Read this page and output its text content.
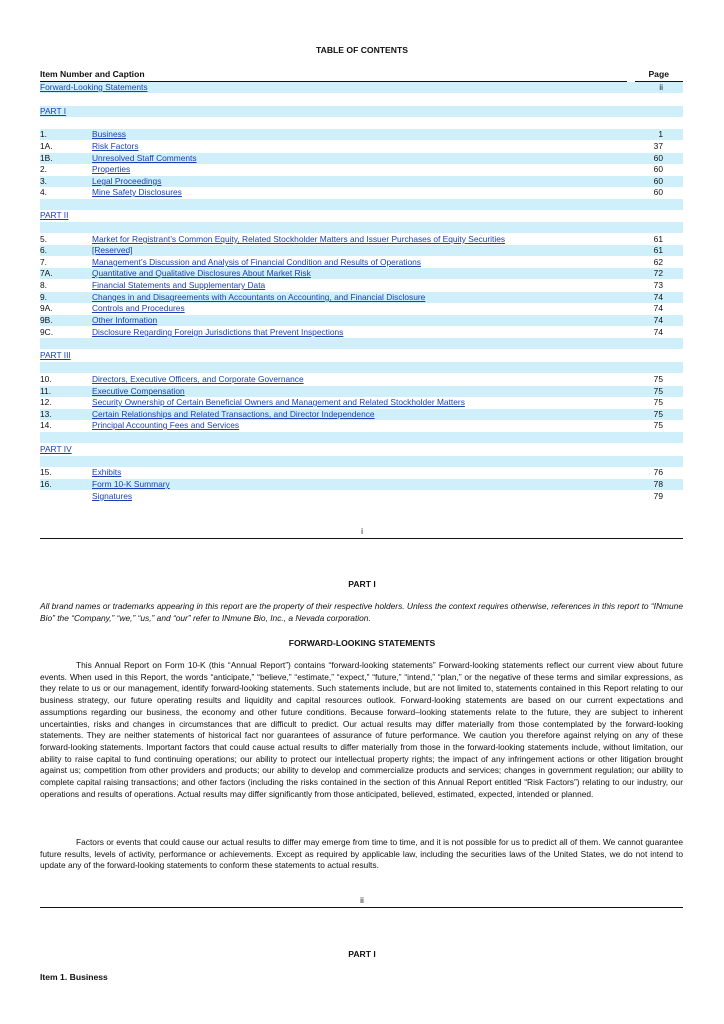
TABLE OF CONTENTS
Item Number and Caption	Page
Forward-Looking Statements	ii
PART I
1.	Business	1
1A.	Risk Factors	37
1B.	Unresolved Staff Comments	60
2.	Properties	60
3.	Legal Proceedings	60
4.	Mine Safety Disclosures	60
PART II
5.	Market for Registrant’s Common Equity, Related Stockholder Matters and Issuer Purchases of Equity Securities	61
6.	[Reserved]	61
7.	Management’s Discussion and Analysis of Financial Condition and Results of Operations	62
7A.	Quantitative and Qualitative Disclosures About Market Risk	72
8.	Financial Statements and Supplementary Data	73
9.	Changes in and Disagreements with Accountants on Accounting, and Financial Disclosure	74
9A.	Controls and Procedures	74
9B.	Other Information	74
9C.	Disclosure Regarding Foreign Jurisdictions that Prevent Inspections	74
PART III
10.	Directors, Executive Officers, and Corporate Governance	75
11.	Executive Compensation	75
12.	Security Ownership of Certain Beneficial Owners and Management and Related Stockholder Matters	75
13.	Certain Relationships and Related Transactions, and Director Independence	75
14.	Principal Accounting Fees and Services	75
PART IV
15.	Exhibits	76
16.	Form 10-K Summary	78
Signatures	79
i
PART I
All brand names or trademarks appearing in this report are the property of their respective holders. Unless the context requires otherwise, references in this report to “INmune Bio” the “Company,” “we,” “us,” and “our” refer to INmune Bio, Inc., a Nevada corporation.
FORWARD-LOOKING STATEMENTS
This Annual Report on Form 10-K (this “Annual Report”) contains “forward-looking statements” Forward-looking statements reflect our current view about future events. When used in this Report, the words “anticipate,” “believe,” “estimate,” “expect,” “future,” “intend,” “plan,” or the negative of these terms and similar expressions, as they relate to us or our management, identify forward-looking statements. Such statements include, but are not limited to, statements contained in this Report relating to our business strategy, our future operating results and liquidity and capital resources outlook. Forward-looking statements are based on our current expectations and assumptions regarding our business, the economy and other future conditions. Because forward–looking statements relate to the future, they are subject to inherent uncertainties, risks and changes in circumstances that are difficult to predict. Our actual results may differ materially from those contemplated by the forward-looking statements. They are neither statements of historical fact nor guarantees of assurance of future performance. We caution you therefore against relying on any of these forward-looking statements. Important factors that could cause actual results to differ materially from those in the forward-looking statements include, without limitation, our ability to raise capital to fund continuing operations; our ability to protect our intellectual property rights; the impact of any infringement actions or other litigation brought against us; competition from other providers and products; our ability to develop and commercialize products and services; changes in government regulation; our ability to complete capital raising transactions; and other factors (including the risks contained in the section of this Annual Report entitled “Risk Factors”) relating to our industry, our operations and results of operations. Actual results may differ significantly from those anticipated, believed, estimated, expected, intended or planned.
Factors or events that could cause our actual results to differ may emerge from time to time, and it is not possible for us to predict all of them. We cannot guarantee future results, levels of activity, performance or achievements. Except as required by applicable law, including the securities laws of the United States, we do not intend to update any of the forward-looking statements to conform these statements to actual results.
ii
PART I
Item 1. Business
